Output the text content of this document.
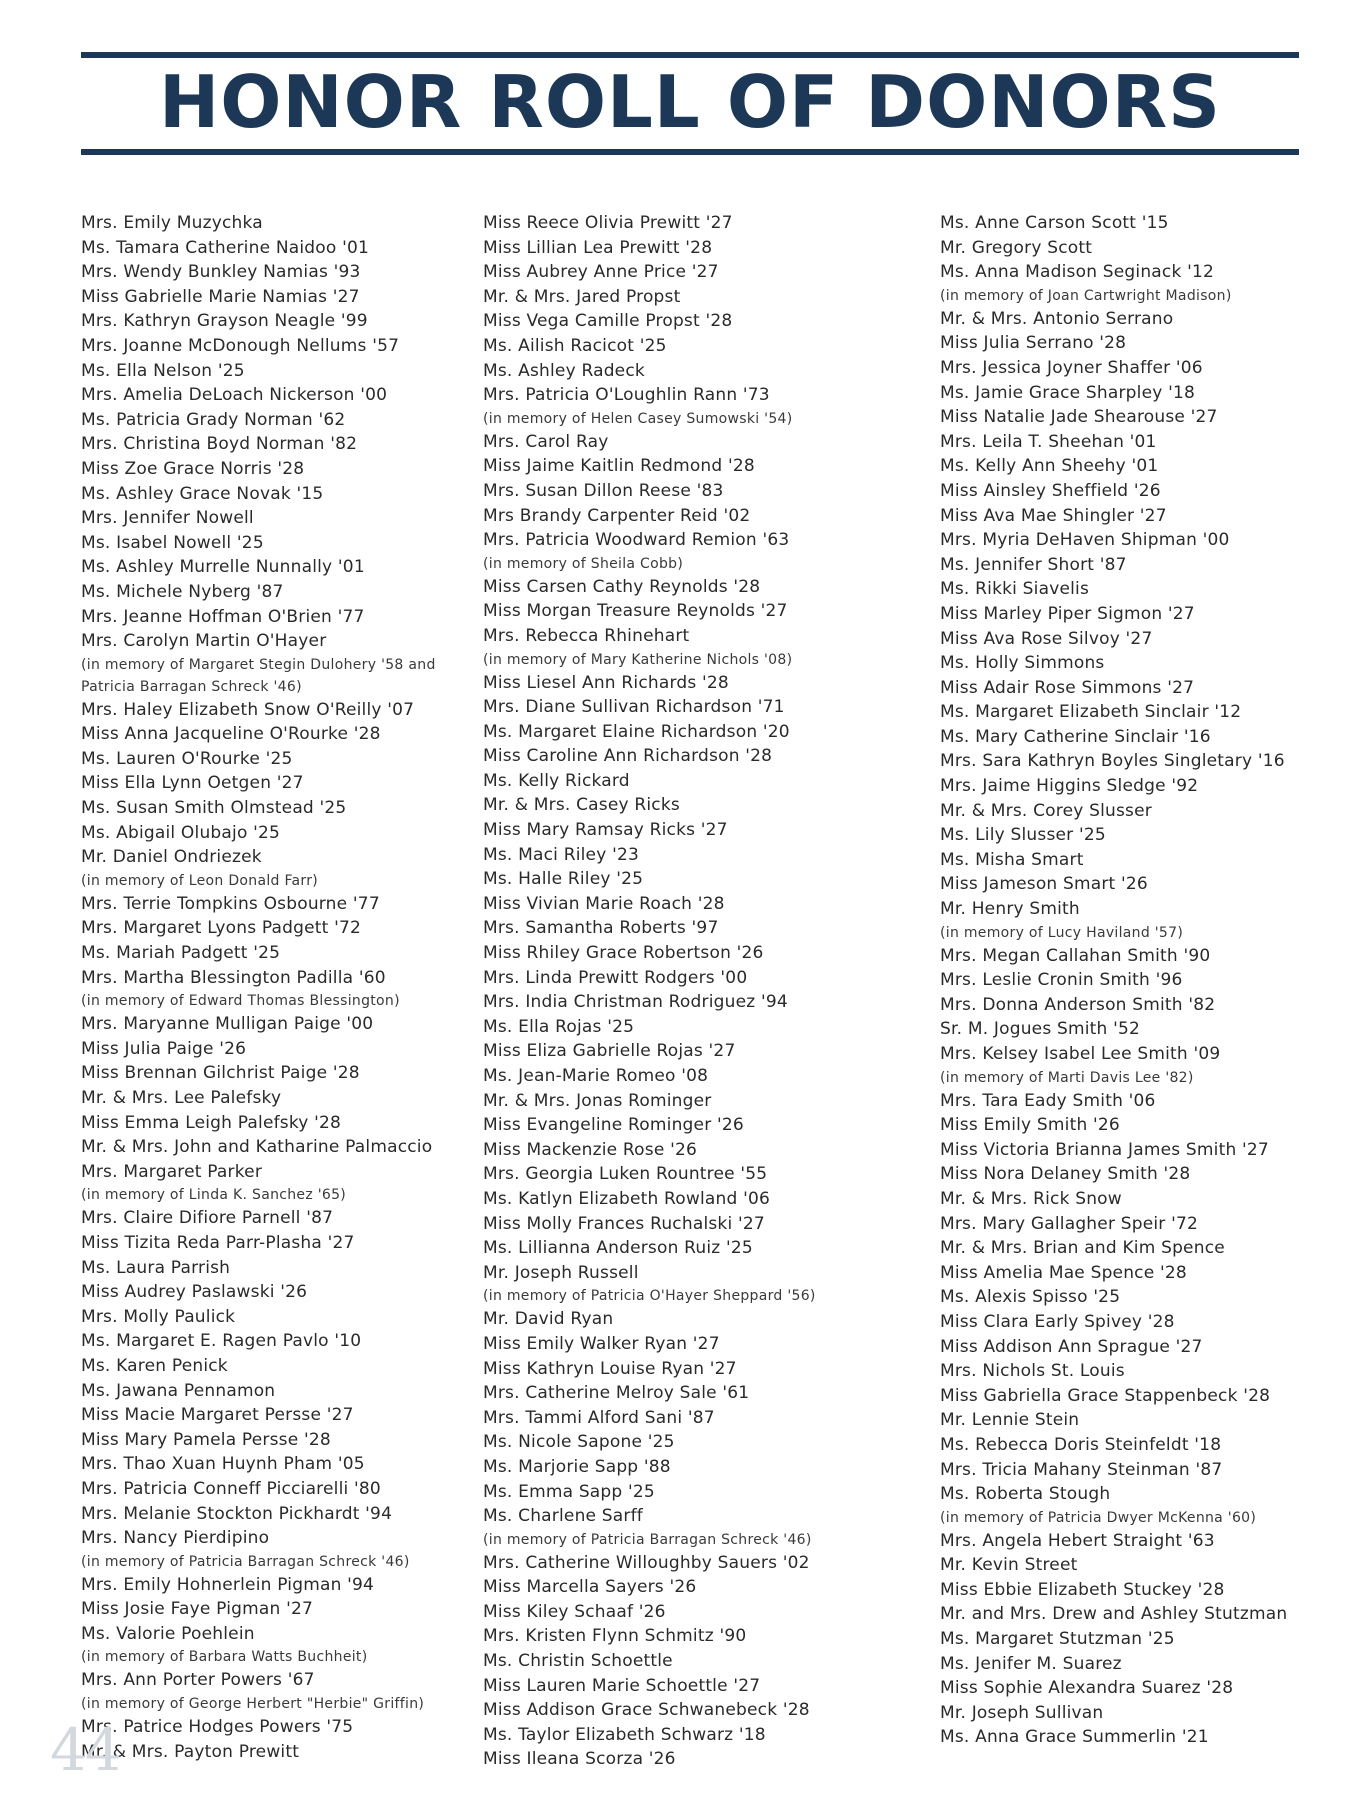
HONOR ROLL OF DONORS
Mrs. Emily Muzychka
Ms. Tamara Catherine Naidoo '01
Mrs. Wendy Bunkley Namias '93
Miss Gabrielle Marie Namias '27
Mrs. Kathryn Grayson Neagle '99
Mrs. Joanne McDonough Nellums '57
Ms. Ella Nelson '25
Mrs. Amelia DeLoach Nickerson '00
Ms. Patricia Grady Norman '62
Mrs. Christina Boyd Norman '82
Miss Zoe Grace Norris '28
Ms. Ashley Grace Novak '15
Mrs. Jennifer Nowell
Ms. Isabel Nowell '25
Ms. Ashley Murrelle Nunnally '01
Ms. Michele Nyberg '87
Mrs. Jeanne Hoffman O'Brien '77
Mrs. Carolyn Martin O'Hayer
(in memory of Margaret Stegin Dulohery '58 and Patricia Barragan Schreck '46)
Mrs. Haley Elizabeth Snow O'Reilly '07
Miss Anna Jacqueline O'Rourke '28
Ms. Lauren O'Rourke '25
Miss Ella Lynn Oetgen '27
Ms. Susan Smith Olmstead '25
Ms. Abigail Olubajo '25
Mr. Daniel Ondriezek
(in memory of Leon Donald Farr)
Mrs. Terrie Tompkins Osbourne '77
Mrs. Margaret Lyons Padgett '72
Ms. Mariah Padgett '25
Mrs. Martha Blessington Padilla '60
(in memory of Edward Thomas Blessington)
Mrs. Maryanne Mulligan Paige '00
Miss Julia Paige '26
Miss Brennan Gilchrist Paige '28
Mr. & Mrs. Lee Palefsky
Miss Emma Leigh Palefsky '28
Mr. & Mrs. John and Katharine Palmaccio
Mrs. Margaret Parker
(in memory of Linda K. Sanchez '65)
Mrs. Claire Difiore Parnell '87
Miss Tizita Reda Parr-Plasha '27
Ms. Laura Parrish
Miss Audrey Paslawski '26
Mrs. Molly Paulick
Ms. Margaret E. Ragen Pavlo '10
Ms. Karen Penick
Ms. Jawana Pennamon
Miss Macie Margaret Persse '27
Miss Mary Pamela Persse '28
Mrs. Thao Xuan Huynh Pham '05
Mrs. Patricia Conneff Picciarelli '80
Mrs. Melanie Stockton Pickhardt '94
Mrs. Nancy Pierdipino
(in memory of Patricia Barragan Schreck '46)
Mrs. Emily Hohnerlein Pigman '94
Miss Josie Faye Pigman '27
Ms. Valorie Poehlein
(in memory of Barbara Watts Buchheit)
Mrs. Ann Porter Powers '67
(in memory of George Herbert "Herbie" Griffin)
Mrs. Patrice Hodges Powers '75
Mr. & Mrs. Payton Prewitt
Miss Reece Olivia Prewitt '27
Miss Lillian Lea Prewitt '28
Miss Aubrey Anne Price '27
Mr. & Mrs. Jared Propst
Miss Vega Camille Propst '28
Ms. Ailish Racicot '25
Ms. Ashley Radeck
Mrs. Patricia O'Loughlin Rann '73
(in memory of Helen Casey Sumowski '54)
Mrs. Carol Ray
Miss Jaime Kaitlin Redmond '28
Mrs. Susan Dillon Reese '83
Mrs Brandy Carpenter Reid '02
Mrs. Patricia Woodward Remion '63
(in memory of Sheila Cobb)
Miss Carsen Cathy Reynolds '28
Miss Morgan Treasure Reynolds '27
Mrs. Rebecca Rhinehart
(in memory of Mary Katherine Nichols '08)
Miss Liesel Ann Richards '28
Mrs. Diane Sullivan Richardson '71
Ms. Margaret Elaine Richardson '20
Miss Caroline Ann Richardson '28
Ms. Kelly Rickard
Mr. & Mrs. Casey Ricks
Miss Mary Ramsay Ricks '27
Ms. Maci Riley '23
Ms. Halle Riley '25
Miss Vivian Marie Roach '28
Mrs. Samantha Roberts '97
Miss Rhiley Grace Robertson '26
Mrs. Linda Prewitt Rodgers '00
Mrs. India Christman Rodriguez '94
Ms. Ella Rojas '25
Miss Eliza Gabrielle Rojas '27
Ms. Jean-Marie Romeo '08
Mr. & Mrs. Jonas Rominger
Miss Evangeline Rominger '26
Miss Mackenzie Rose '26
Mrs. Georgia Luken Rountree '55
Ms. Katlyn Elizabeth Rowland '06
Miss Molly Frances Ruchalski '27
Ms. Lillianna Anderson Ruiz '25
Mr. Joseph Russell
(in memory of Patricia O'Hayer Sheppard '56)
Mr. David Ryan
Miss Emily Walker Ryan '27
Miss Kathryn Louise Ryan '27
Mrs. Catherine Melroy Sale '61
Mrs. Tammi Alford Sani '87
Ms. Nicole Sapone '25
Ms. Marjorie Sapp '88
Ms. Emma Sapp '25
Ms. Charlene Sarff
(in memory of Patricia Barragan Schreck '46)
Mrs. Catherine Willoughby Sauers '02
Miss Marcella Sayers '26
Miss Kiley Schaaf '26
Mrs. Kristen Flynn Schmitz '90
Ms. Christin Schoettle
Miss Lauren Marie Schoettle '27
Miss Addison Grace Schwanebeck '28
Ms. Taylor Elizabeth Schwarz '18
Miss Ileana Scorza '26
Ms. Anne Carson Scott '15
Mr. Gregory Scott
Ms. Anna Madison Seginack '12
(in memory of Joan Cartwright Madison)
Mr. & Mrs. Antonio Serrano
Miss Julia Serrano '28
Mrs. Jessica Joyner Shaffer '06
Ms. Jamie Grace Sharpley '18
Miss Natalie Jade Shearouse '27
Mrs. Leila T. Sheehan '01
Ms. Kelly Ann Sheehy '01
Miss Ainsley Sheffield '26
Miss Ava Mae Shingler '27
Mrs. Myria DeHaven Shipman '00
Ms. Jennifer Short '87
Ms. Rikki Siavelis
Miss Marley Piper Sigmon '27
Miss Ava Rose Silvoy '27
Ms. Holly Simmons
Miss Adair Rose Simmons '27
Ms. Margaret Elizabeth Sinclair '12
Ms. Mary Catherine Sinclair '16
Mrs. Sara Kathryn Boyles Singletary '16
Mrs. Jaime Higgins Sledge '92
Mr. & Mrs. Corey Slusser
Ms. Lily Slusser '25
Ms. Misha Smart
Miss Jameson Smart '26
Mr. Henry Smith
(in memory of Lucy Haviland '57)
Mrs. Megan Callahan Smith '90
Mrs. Leslie Cronin Smith '96
Mrs. Donna Anderson Smith '82
Sr. M. Jogues Smith '52
Mrs. Kelsey Isabel Lee Smith '09
(in memory of Marti Davis Lee '82)
Mrs. Tara Eady Smith '06
Miss Emily Smith '26
Miss Victoria Brianna James Smith '27
Miss Nora Delaney Smith '28
Mr. & Mrs. Rick Snow
Mrs. Mary Gallagher Speir '72
Mr. & Mrs. Brian and Kim Spence
Miss Amelia Mae Spence '28
Ms. Alexis Spisso '25
Miss Clara Early Spivey '28
Miss Addison Ann Sprague '27
Mrs. Nichols St. Louis
Miss Gabriella Grace Stappenbeck '28
Mr. Lennie Stein
Ms. Rebecca Doris Steinfeldt '18
Mrs. Tricia Mahany Steinman '87
Ms. Roberta Stough
(in memory of Patricia Dwyer McKenna '60)
Mrs. Angela Hebert Straight '63
Mr. Kevin Street
Miss Ebbie Elizabeth Stuckey '28
Mr. and Mrs. Drew and Ashley Stutzman
Ms. Margaret Stutzman '25
Ms. Jenifer M. Suarez
Miss Sophie Alexandra Suarez '28
Mr. Joseph Sullivan
Ms. Anna Grace Summerlin '21
44
